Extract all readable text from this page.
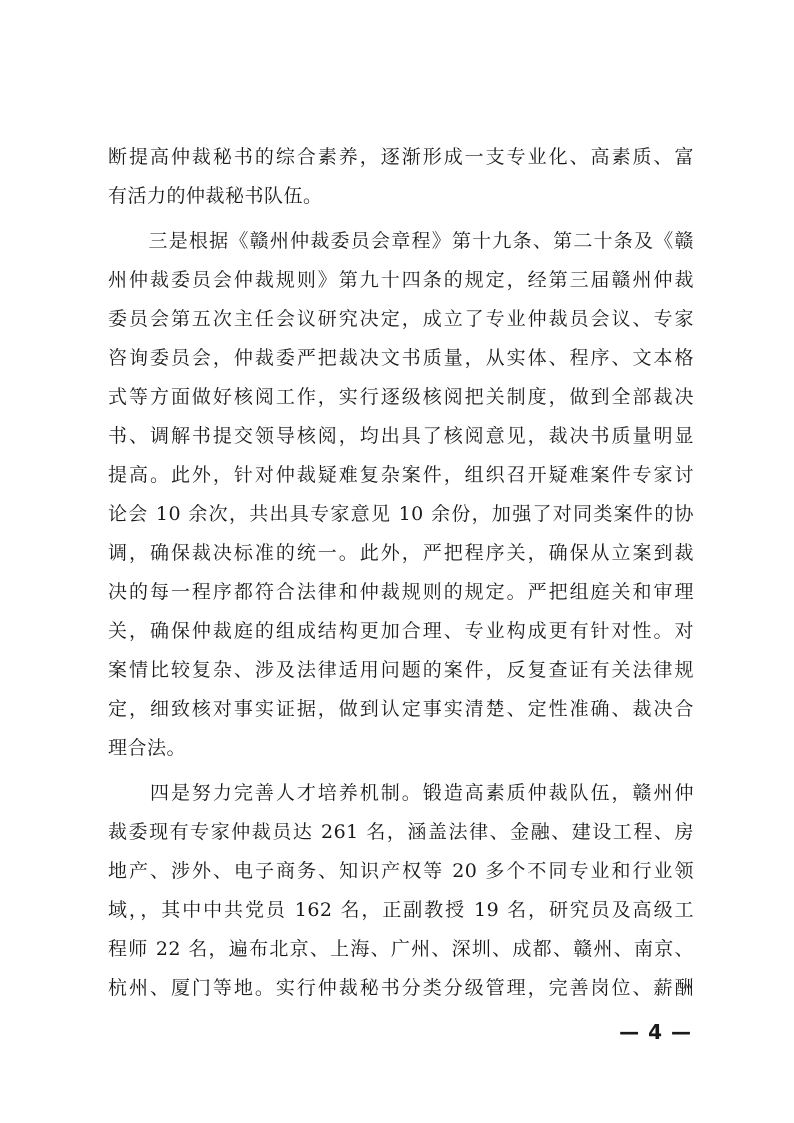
断提高仲裁秘书的综合素养，逐渐形成一支专业化、高素质、富
有活力的仲裁秘书队伍。
　　三是根据《赣州仲裁委员会章程》第十九条、第二十条及《赣
州仲裁委员会仲裁规则》第九十四条的规定，经第三届赣州仲裁
委员会第五次主任会议研究决定，成立了专业仲裁员会议、专家
咨询委员会，仲裁委严把裁决文书质量，从实体、程序、文本格
式等方面做好核阅工作，实行逐级核阅把关制度，做到全部裁决
书、调解书提交领导核阅，均出具了核阅意见，裁决书质量明显
提高。此外，针对仲裁疑难复杂案件，组织召开疑难案件专家讨
论会 10 余次，共出具专家意见 10 余份，加强了对同类案件的协
调，确保裁决标准的统一。此外，严把程序关，确保从立案到裁
决的每一程序都符合法律和仲裁规则的规定。严把组庭关和审理
关，确保仲裁庭的组成结构更加合理、专业构成更有针对性。对
案情比较复杂、涉及法律适用问题的案件，反复查证有关法律规
定，细致核对事实证据，做到认定事实清楚、定性准确、裁决合
理合法。
　　四是努力完善人才培养机制。锻造高素质仲裁队伍，赣州仲
裁委现有专家仲裁员达 261 名，涵盖法律、金融、建设工程、房
地产、涉外、电子商务、知识产权等 20 多个不同专业和行业领
域，，其中中共党员 162 名，正副教授 19 名，研究员及高级工
程师 22 名，遍布北京、上海、广州、深圳、成都、赣州、南京、
杭州、厦门等地。实行仲裁秘书分类分级管理，完善岗位、薪酬
— 4 —
